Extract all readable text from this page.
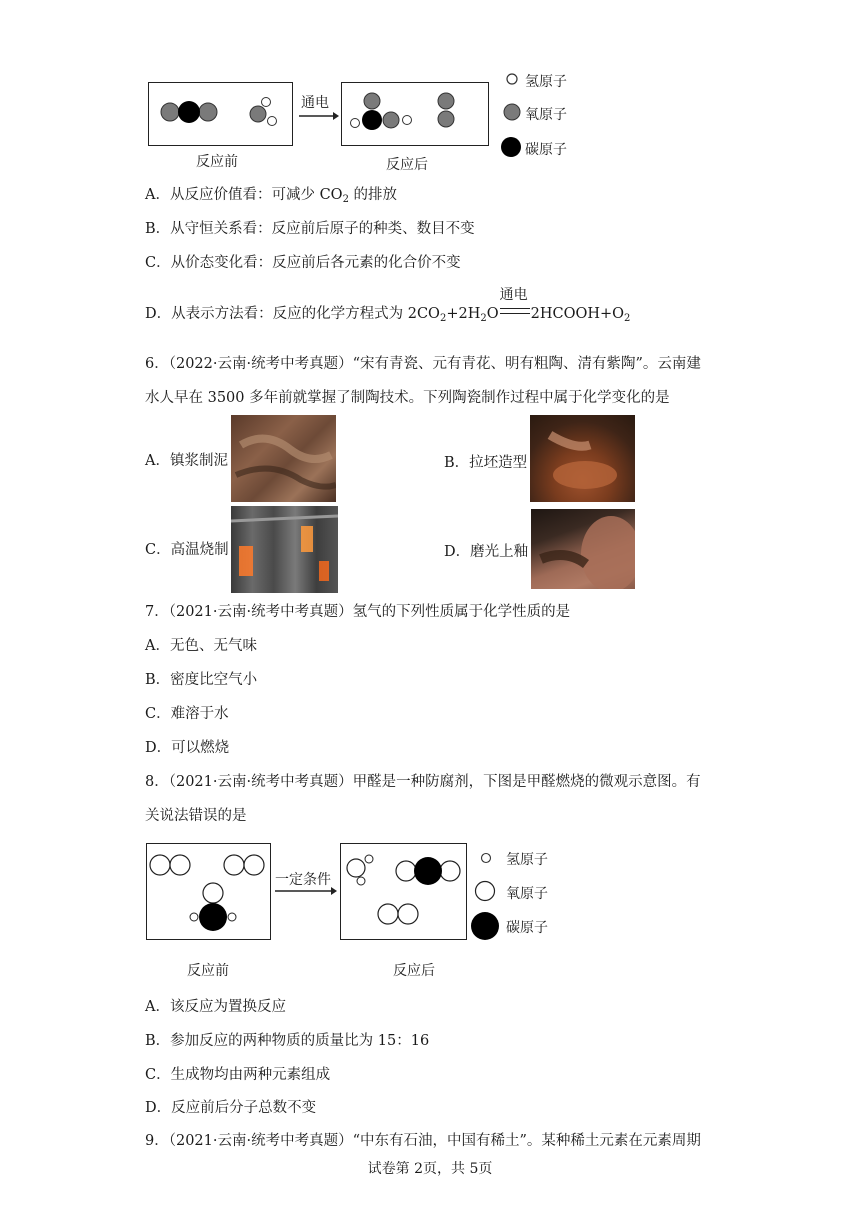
反应前
通电
反应后
氢原子
氧原子
碳原子
A．从反应价值看：可减少 $CO_2$ 的排放
B．从守恒关系看：反应前后原子的种类、数目不变
C．从价态变化看：反应前后各元素的化合价不变
D．从表示方法看：反应的化学方程式为 $2CO_2+2H_2O$
通电
$2HCOOH+O_2$
6．（2022·云南·统考中考真题）“宋有青瓷、元有青花、明有粗陶、清有紫陶”。云南建
水人早在 3500 多年前就掌握了制陶技术。下列陶瓷制作过程中属于化学变化的是
A．镇浆制泥	B．拉坯造型
C．高温烧制	D．磨光上釉
7．（2021·云南·统考中考真题）氢气的下列性质属于化学性质的是
A．无色、无气味
B．密度比空气小
C．难溶于水
D．可以燃烧
8．（2021·云南·统考中考真题）甲醛是一种防腐剂，下图是甲醛燃烧的微观示意图。有
关说法错误的是
反应前
一定条件
反应后
氢原子
氧原子
碳原子
A．该反应为置换反应
B．参加反应的两种物质的质量比为 15：16
C．生成物均由两种元素组成
D．反应前后分子总数不变
9．（2021·云南·统考中考真题）“中东有石油，中国有稀土”。某种稀土元素在元素周期
试卷第 2页，共 5页
